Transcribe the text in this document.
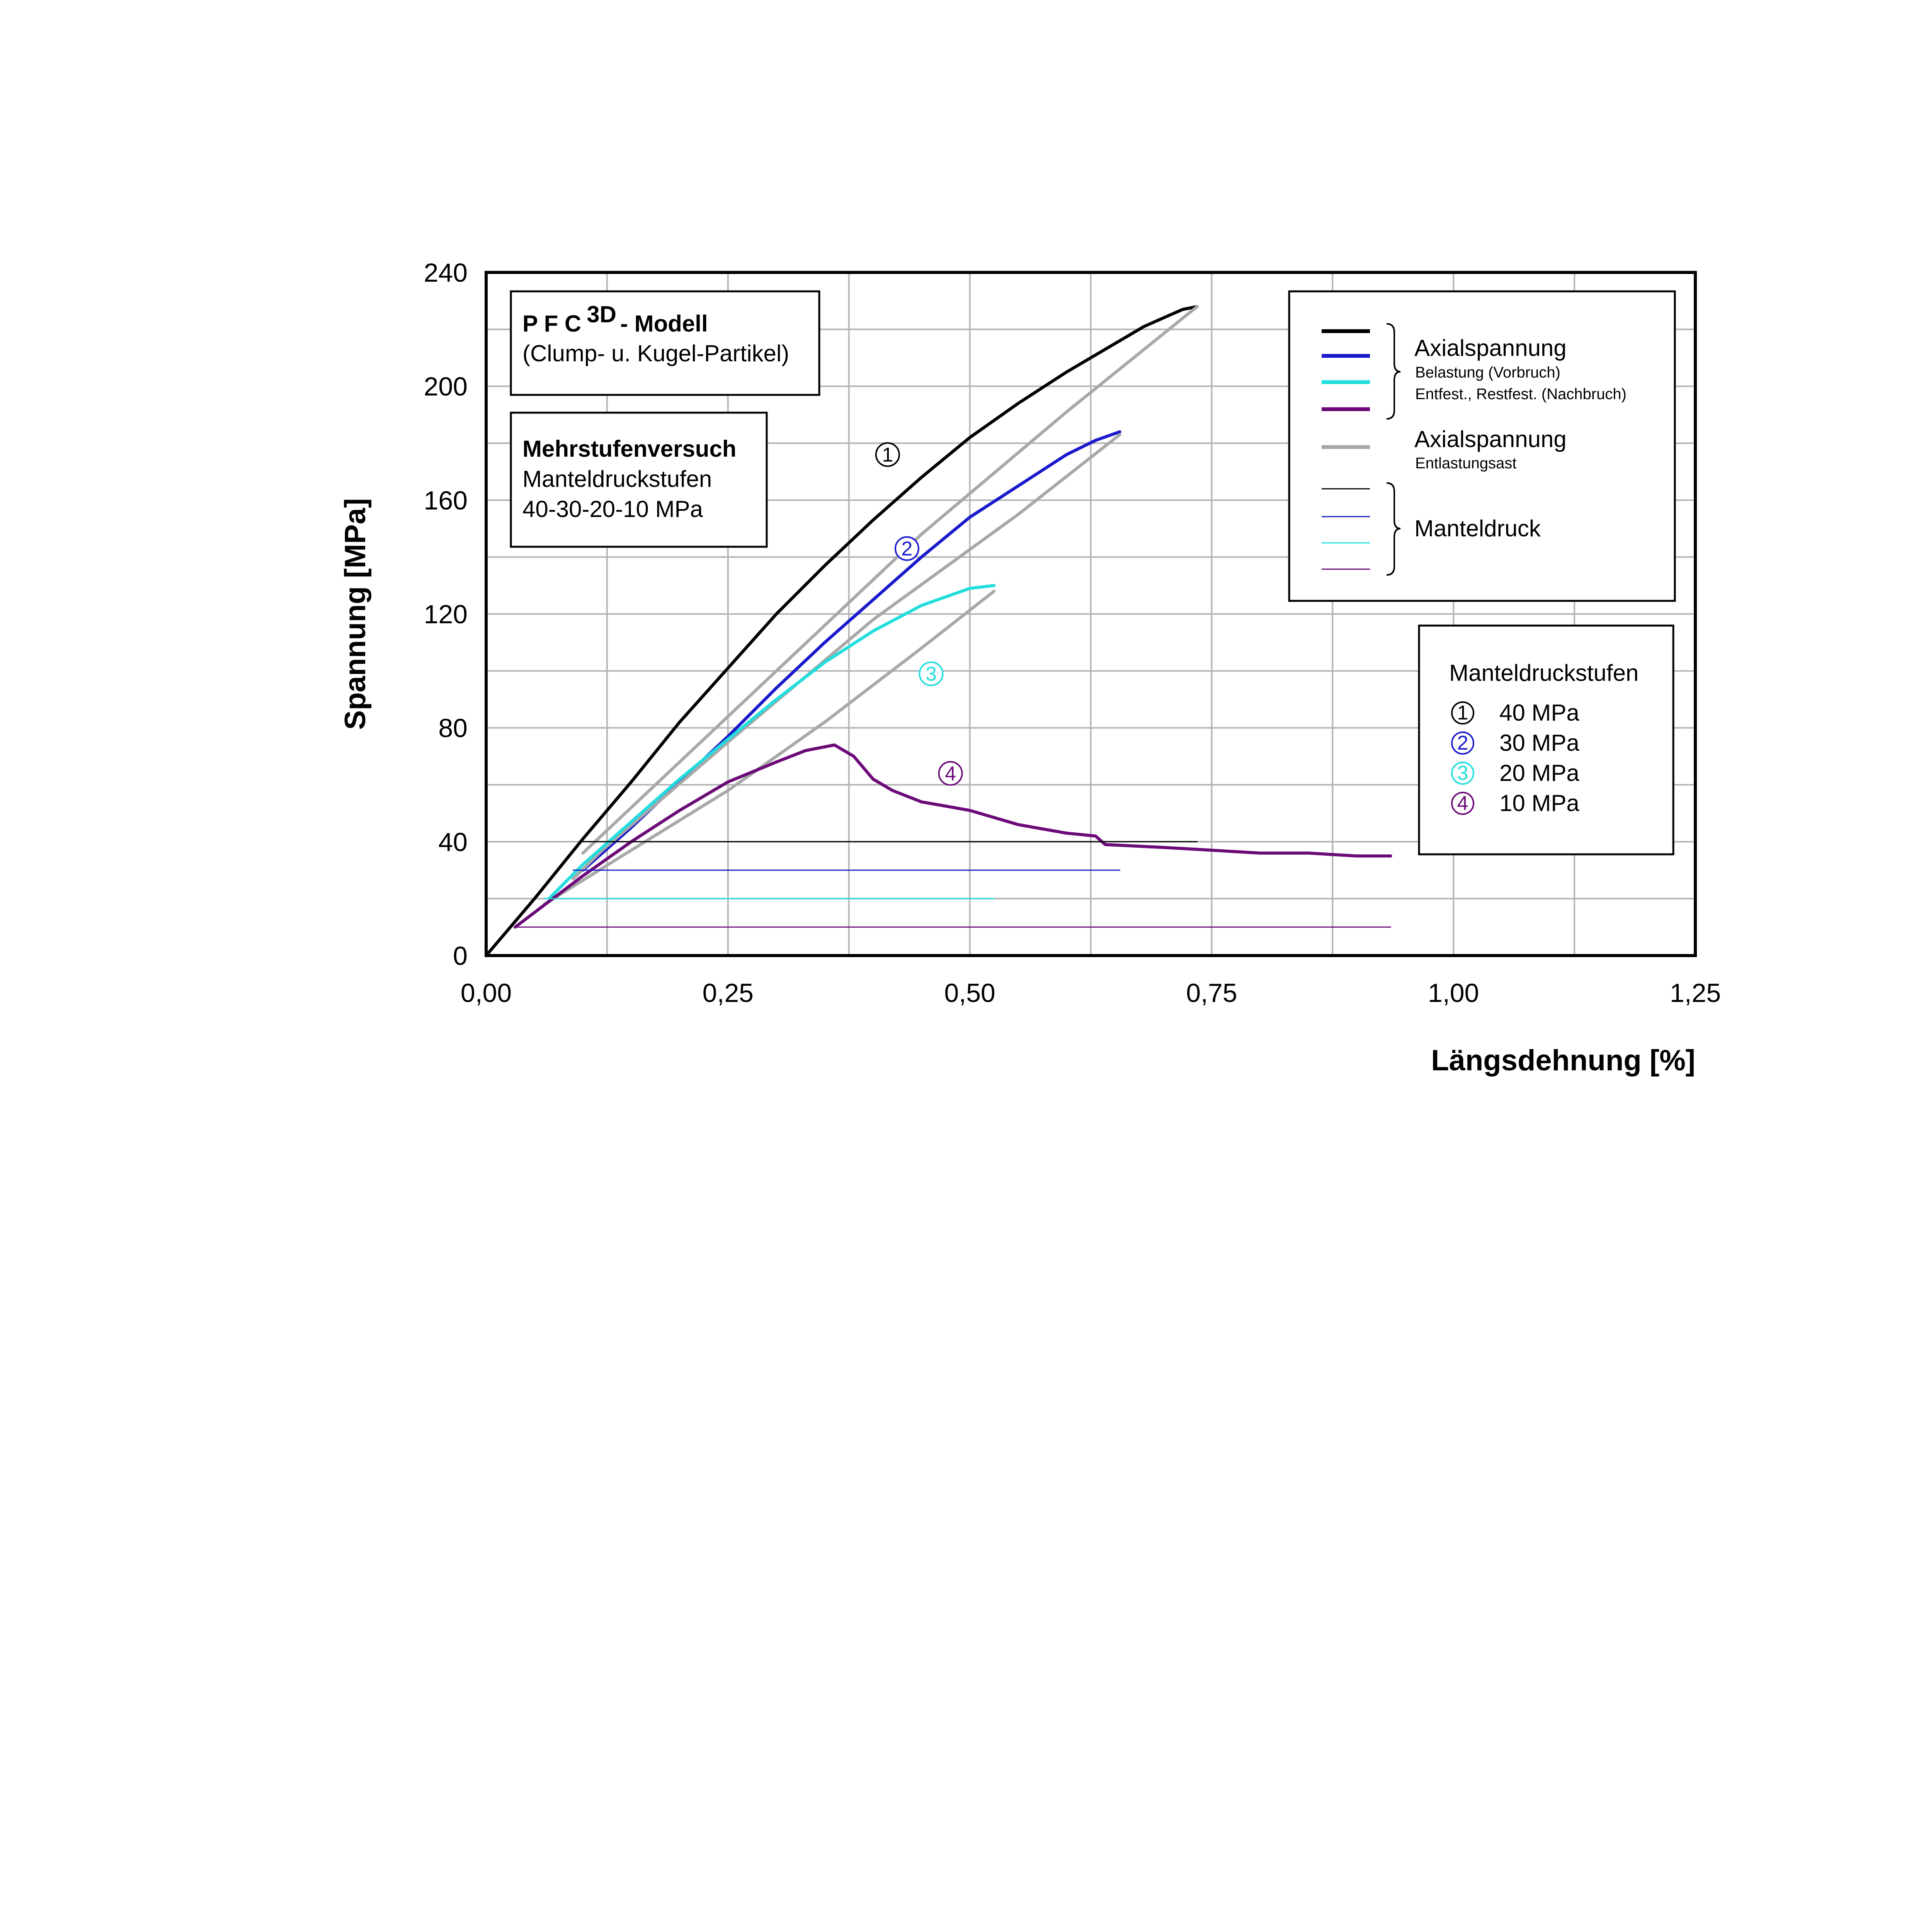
0
40
80
120
160
200
240
0,00	0,25	0,50	0,75	1,00	1,25
Längsdehnung [%]
Spannung [MPa]
P F C 3D - Modell
(Clump- u. Kugel-Partikel)
Mehrstufenversuch
Manteldruckstufen
40-30-20-10 MPa
Axialspannung
Belastung (Vorbruch)
Entfest., Restfest. (Nachbruch)
Axialspannung
Entlastungsast
Manteldruck
Manteldruckstufen
1 40 MPa
2 30 MPa
3 20 MPa
4 10 MPa
1
2
3
4
